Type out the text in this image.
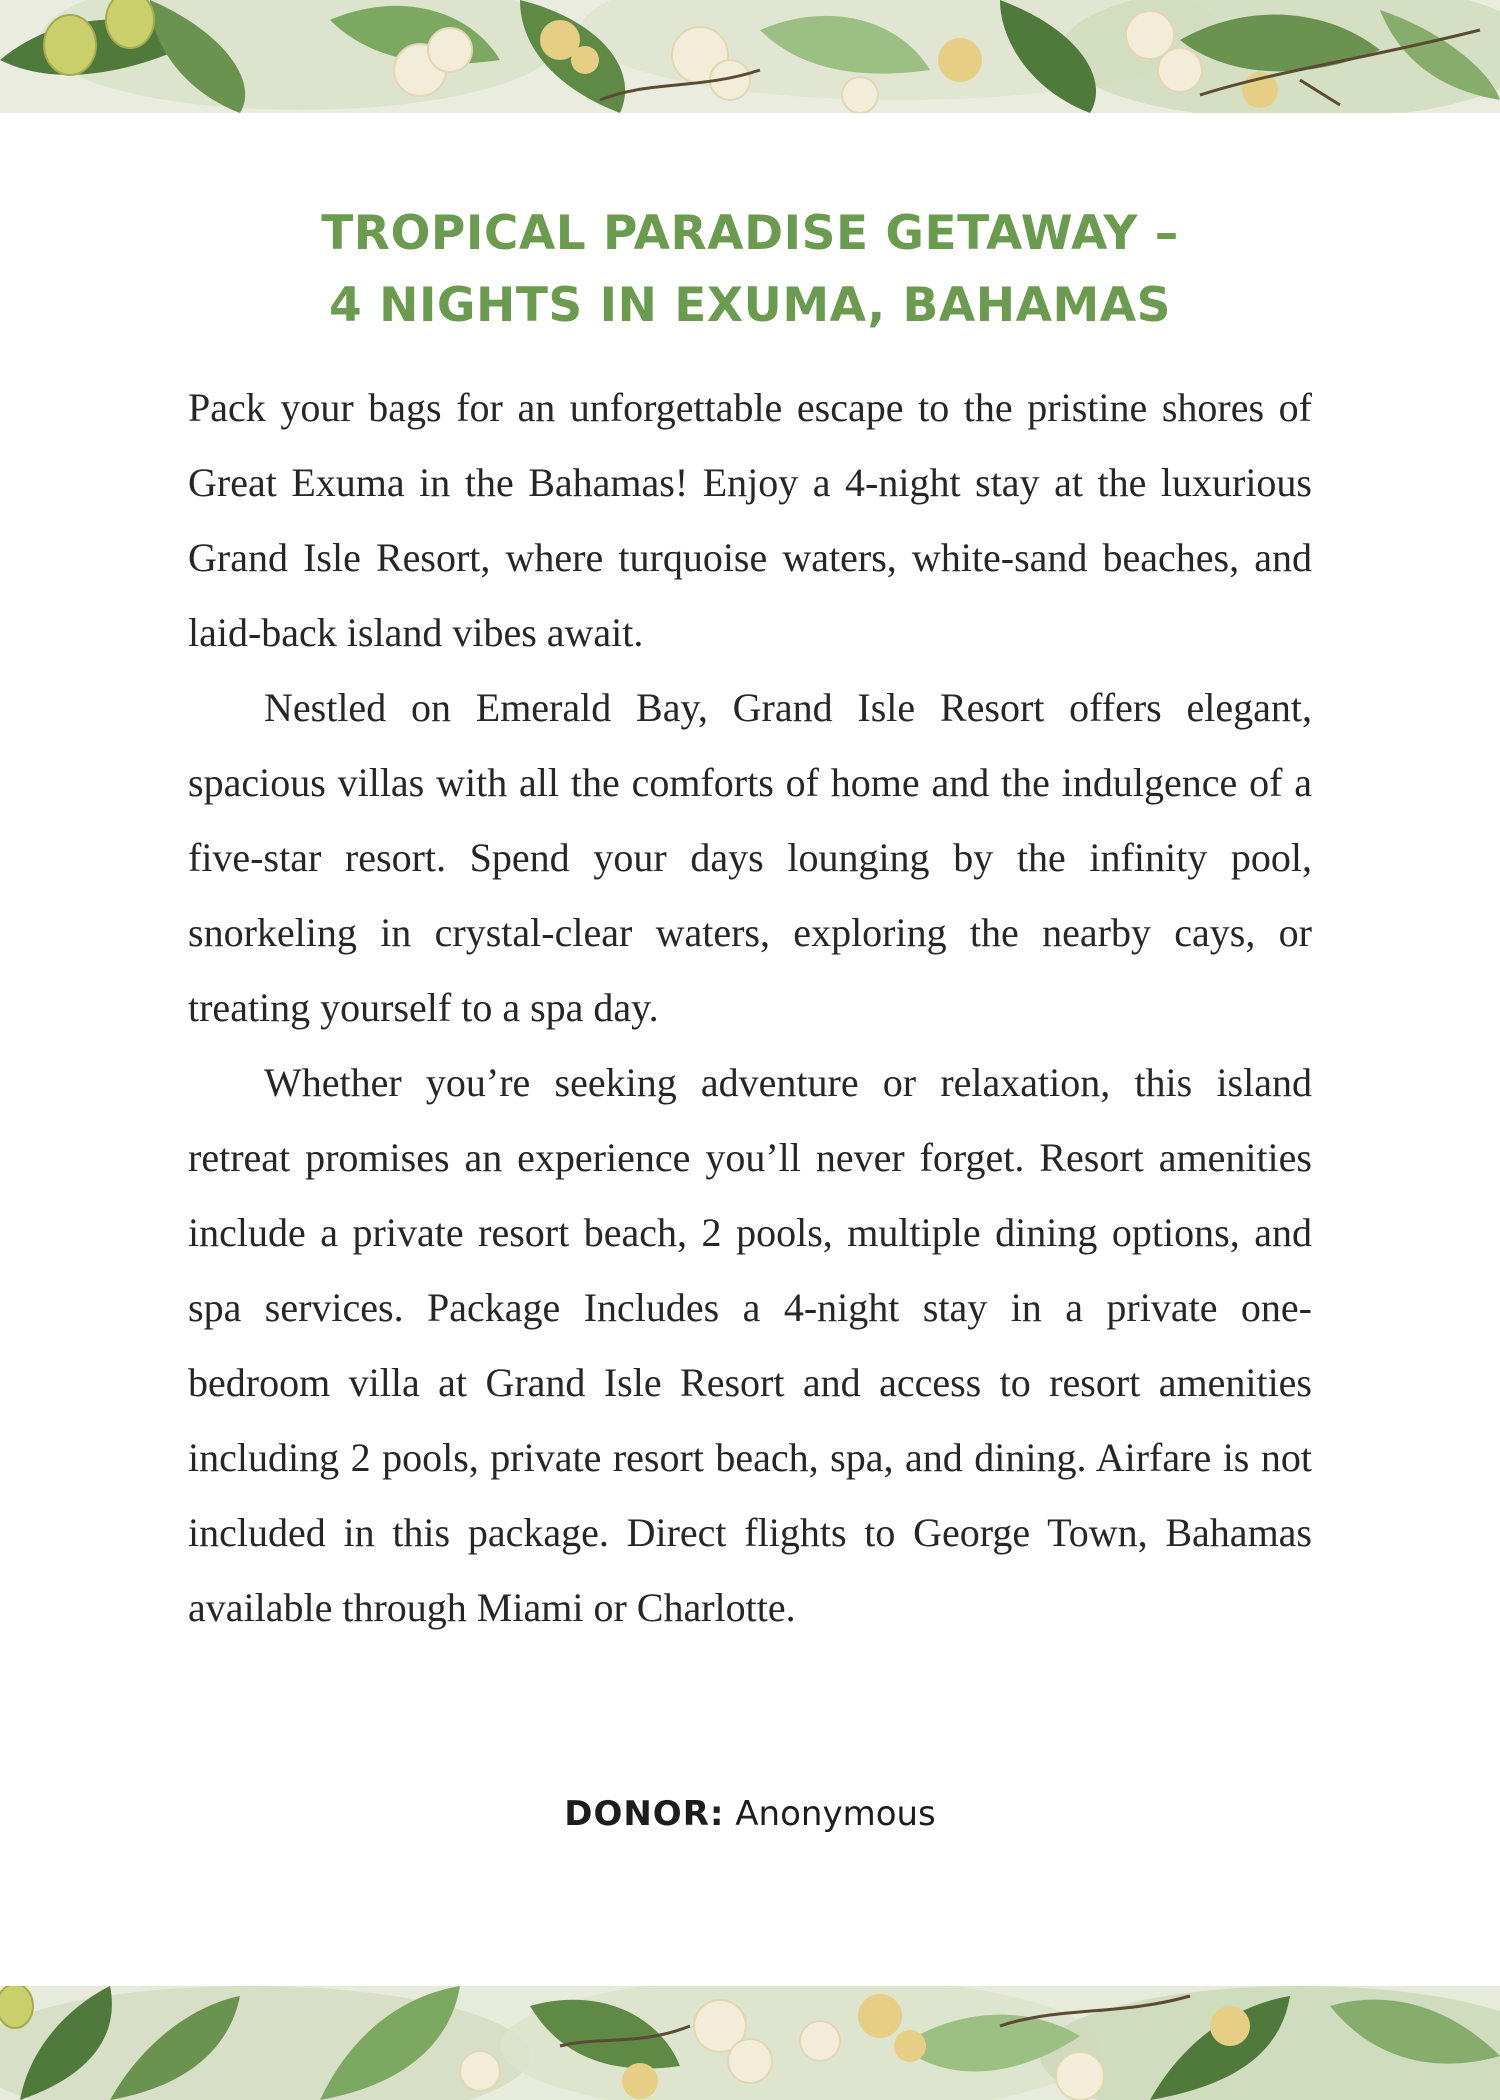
TROPICAL PARADISE GETAWAY –
4 NIGHTS IN EXUMA, BAHAMAS

Pack your bags for an unforgettable escape to the pristine shores of Great Exuma in the Bahamas! Enjoy a 4-night stay at the luxurious Grand Isle Resort, where turquoise waters, white-sand beaches, and laid-back island vibes await.

Nestled on Emerald Bay, Grand Isle Resort offers elegant, spacious villas with all the comforts of home and the indulgence of a five-star resort. Spend your days lounging by the infinity pool, snorkeling in crystal-clear waters, exploring the nearby cays, or treating yourself to a spa day.

Whether you’re seeking adventure or relaxation, this island retreat promises an experience you’ll never forget. Resort amenities include a private resort beach, 2 pools, multiple dining options, and spa services. Package Includes a 4-night stay in a private one-bedroom villa at Grand Isle Resort and access to resort amenities including 2 pools, private resort beach, spa, and dining. Airfare is not included in this package. Direct flights to George Town, Bahamas available through Miami or Charlotte.

DONOR: Anonymous
